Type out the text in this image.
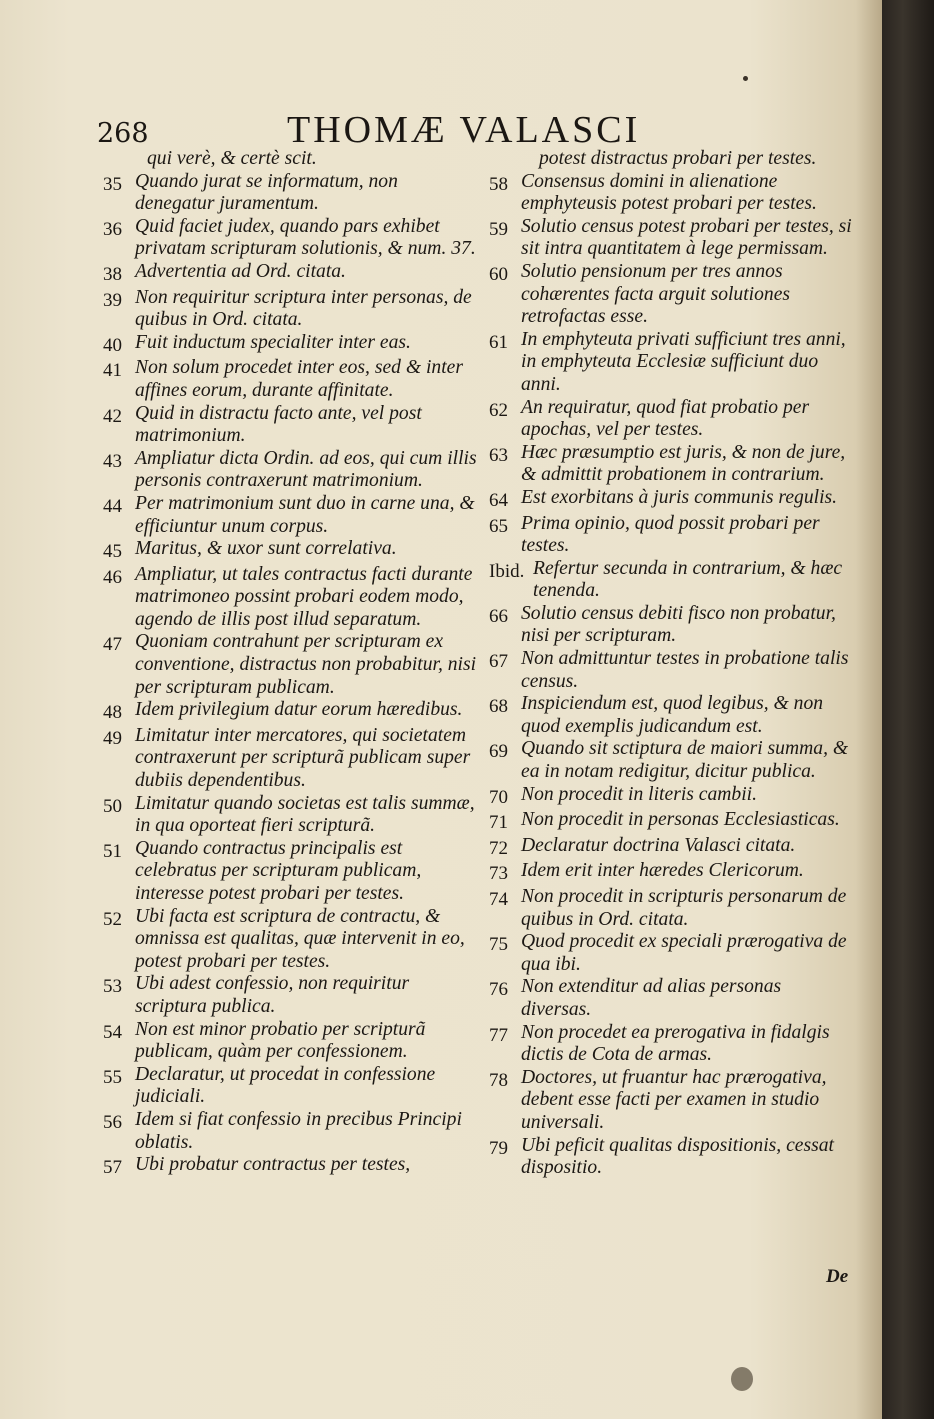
268	THOMÆ VALASCI
qui verè, & certè scit.
35 Quando jurat se informatum, non denegatur juramentum.
36 Quid faciet judex, quando pars exhibet privatam scripturam solutionis, & num. 37.
38 Advertentia ad Ord. citata.
39 Non requiritur scriptura inter personas, de quibus in Ord. citata.
40 Fuit inductum specialiter inter eas.
41 Non solum procedet inter eos, sed & inter affines eorum, durante affinitate.
42 Quid in distractu facto ante, vel post matrimonium.
43 Ampliatur dicta Ordin. ad eos, qui cum illis personis contraxerunt matrimonium.
44 Per matrimonium sunt duo in carne una, & efficiuntur unum corpus.
45 Maritus, & uxor sunt correlativa.
46 Ampliatur, ut tales contractus facti durante matrimoneo possint probari eodem modo, agendo de illis post illud separatum.
47 Quoniam contrahunt per scripturam ex conventione, distractus non probabitur, nisi per scripturam publicam.
48 Idem privilegium datur eorum hæredibus.
49 Limitatur inter mercatores, qui societatem contraxerunt per scripturã publicam super dubiis dependentibus.
50 Limitatur quando societas est talis summæ, in qua oporteat fieri scripturã.
51 Quando contractus principalis est celebratus per scripturam publicam, interesse potest probari per testes.
52 Ubi facta est scriptura de contractu, & omnissa est qualitas, quæ intervenit in eo, potest probari per testes.
53 Ubi adest confessio, non requiritur scriptura publica.
54 Non est minor probatio per scripturã publicam, quàm per confessionem.
55 Declaratur, ut procedat in confessione judiciali.
56 Idem si fiat confessio in precibus Principi oblatis.
57 Ubi probatur contractus per testes,
potest distractus probari per testes.
58 Consensus domini in alienatione emphyteusis potest probari per testes.
59 Solutio census potest probari per testes, si sit intra quantitatem à lege permissam.
60 Solutio pensionum per tres annos cohærentes facta arguit solutiones retrofactas esse.
61 In emphyteuta privati sufficiunt tres anni, in emphyteuta Ecclesiæ sufficiunt duo anni.
62 An requiratur, quod fiat probatio per apochas, vel per testes.
63 Hæc præsumptio est juris, & non de jure, & admittit probationem in contrarium.
64 Est exorbitans à juris communis regulis.
65 Prima opinio, quod possit probari per testes.
Ibid. Refertur secunda in contrarium, & hæc tenenda.
66 Solutio census debiti fisco non probatur, nisi per scripturam.
67 Non admittuntur testes in probatione talis census.
68 Inspiciendum est, quod legibus, & non quod exemplis judicandum est.
69 Quando sit sctiptura de maiori summa, & ea in notam redigitur, dicitur publica.
70 Non procedit in literis cambii.
71 Non procedit in personas Ecclesiasticas.
72 Declaratur doctrina Valasci citata.
73 Idem erit inter hæredes Clericorum.
74 Non procedit in scripturis personarum de quibus in Ord. citata.
75 Quod procedit ex speciali prærogativa de qua ibi.
76 Non extenditur ad alias personas diversas.
77 Non procedet ea prerogativa in fidalgis dictis de Cota de armas.
78 Doctores, ut fruantur hac prærogativa, debent esse facti per examen in studio universali.
79 Ubi peficit qualitas dispositionis, cessat dispositio.
De
